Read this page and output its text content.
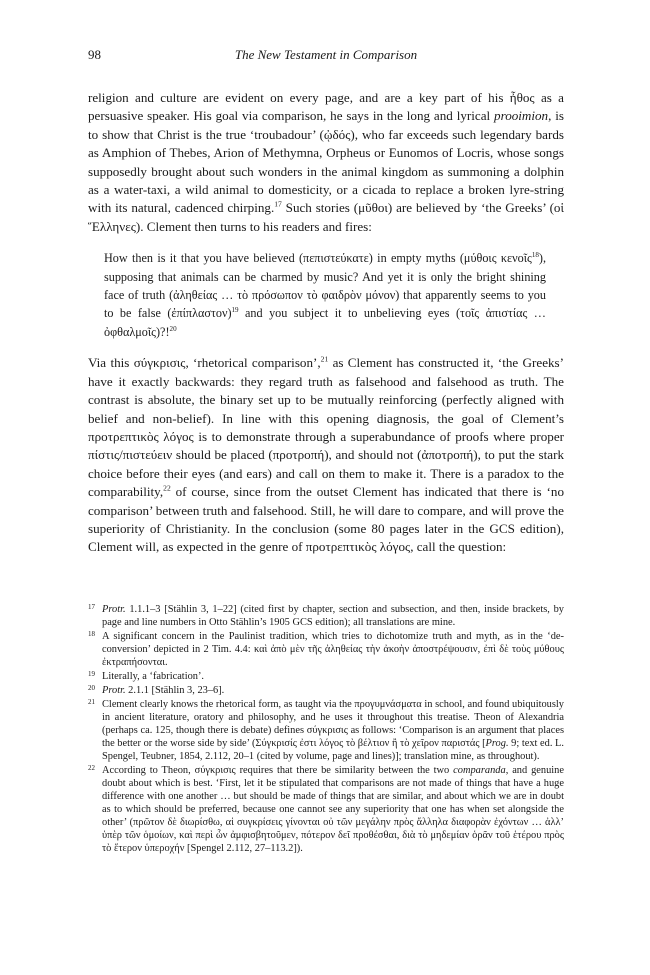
The New Testament in Comparison
98

religion and culture are evident on every page, and are a key part of his ἦθος as a persuasive speaker. His goal via comparison, he says in the long and lyrical prooimion, is to show that Christ is the true ‘troubadour’ (ᾠδός), who far exceeds such legendary bards as Amphion of Thebes, Arion of Methymna, Orpheus or Eunomos of Locris, whose songs supposedly brought about such wonders in the animal kingdom as summoning a dolphin as a water-taxi, a wild animal to domesticity, or a cicada to replace a broken lyre-string with its natural, cadenced chirping.$^{17}$ Such stories (μῦθοι) are believed by ‘the Greeks’ (οἱ Ἕλληνες). Clement then turns to his readers and fires:

How then is it that you have believed (πεπιστεύκατε) in empty myths (μύθοις κενοῖς$^{18}$), supposing that animals can be charmed by music? And yet it is only the bright shining face of truth (ἀληθείας … τὸ πρόσωπον τὸ φαιδρὸν μόνον) that apparently seems to you to be false (ἐπίπλαστον)$^{19}$ and you subject it to unbelieving eyes (τοῖς ἀπιστίας … ὀφθαλμοῖς)?!$^{20}$

Via this σύγκρισις, ‘rhetorical comparison’,$^{21}$ as Clement has constructed it, ‘the Greeks’ have it exactly backwards: they regard truth as falsehood and falsehood as truth. The contrast is absolute, the binary set up to be mutually reinforcing (perfectly aligned with belief and non-belief). In line with this opening diagnosis, the goal of Clement’s προτρεπτικὸς λόγος is to demonstrate through a superabundance of proofs where proper πίστις/πιστεύειν should be placed (προτροπή), and should not (ἀποτροπή), to put the stark choice before their eyes (and ears) and call on them to make it. There is a paradox to the comparability,$^{22}$ of course, since from the outset Clement has indicated that there is ‘no comparison’ between truth and falsehood. Still, he will dare to compare, and will prove the superiority of Christianity. In the conclusion (some 80 pages later in the GCS edition), Clement will, as expected in the genre of προτρεπτικὸς λόγος, call the question:

17 Protr. 1.1.1–3 [Stählin 3, 1–22] (cited first by chapter, section and subsection, and then, inside brackets, by page and line numbers in Otto Stählin’s 1905 GCS edition); all translations are mine.

18 A significant concern in the Paulinist tradition, which tries to dichotomize truth and myth, as in the ‘de-conversion’ depicted in 2 Tim. 4.4: καὶ ἀπὸ μὲν τῆς ἀληθείας τὴν ἀκοὴν ἀποστρέψουσιν, ἐπὶ δὲ τοὺς μύθους ἐκτραπήσονται.

19 Literally, a ‘fabrication’.

20 Protr. 2.1.1 [Stählin 3, 23–6].

21 Clement clearly knows the rhetorical form, as taught via the προγυμνάσματα in school, and found ubiquitously in ancient literature, oratory and philosophy, and he uses it throughout this treatise. Theon of Alexandria (perhaps ca. 125, though there is debate) defines σύγκρισις as follows: ‘Comparison is an argument that places the better or the worse side by side’ (Σύγκρισίς ἐστι λόγος τὸ βέλτιον ἢ τὸ χεῖρον παριστάς [Prog. 9; text ed. L. Spengel, Teubner, 1854, 2.112, 20–1 (cited by volume, page and lines)]; translation mine, as throughout).

22 According to Theon, σύγκρισις requires that there be similarity between the two comparanda, and genuine doubt about which is best. ‘First, let it be stipulated that comparisons are not made of things that have a huge difference with one another … but should be made of things that are similar, and about which we are in doubt as to which should be preferred, because one cannot see any superiority that one has when set alongside the other’ (πρῶτον δὲ διωρίσθω, αἱ συγκρίσεις γίνονται οὐ τῶν μεγάλην πρὸς ἄλληλα διαφορὰν ἐχόντων … ἀλλ’ ὑπὲρ τῶν ὁμοίων, καὶ περὶ ὧν ἀμφισβητοῦμεν, πότερον δεῖ προθέσθαι, διὰ τὸ μηδεμίαν ὁρᾶν τοῦ ἑτέρου πρὸς τὸ ἕτερον ὑπεροχήν [Spengel 2.112, 27–113.2]).
